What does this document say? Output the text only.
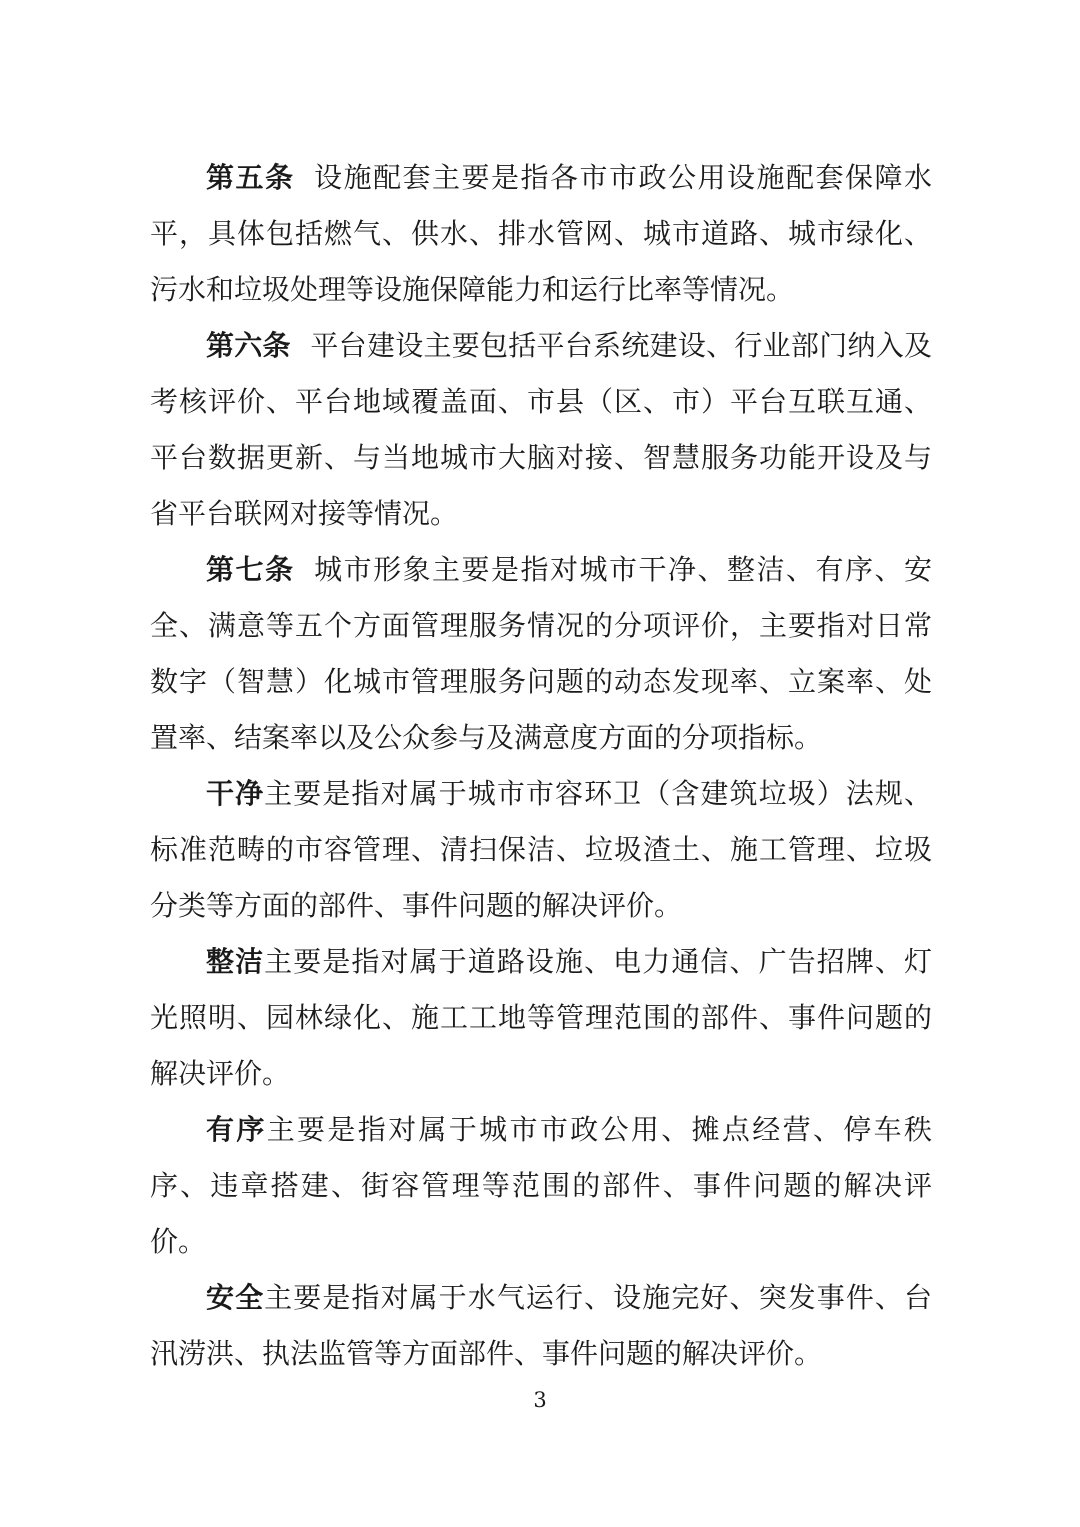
第五条 设施配套主要是指各市市政公用设施配套保障水平，具体包括燃气、供水、排水管网、城市道路、城市绿化、污水和垃圾处理等设施保障能力和运行比率等情况。

第六条 平台建设主要包括平台系统建设、行业部门纳入及考核评价、平台地域覆盖面、市县（区、市）平台互联互通、平台数据更新、与当地城市大脑对接、智慧服务功能开设及与省平台联网对接等情况。

第七条 城市形象主要是指对城市干净、整洁、有序、安全、满意等五个方面管理服务情况的分项评价，主要指对日常数字（智慧）化城市管理服务问题的动态发现率、立案率、处置率、结案率以及公众参与及满意度方面的分项指标。

干净主要是指对属于城市市容环卫（含建筑垃圾）法规、标准范畴的市容管理、清扫保洁、垃圾渣土、施工管理、垃圾分类等方面的部件、事件问题的解决评价。

整洁主要是指对属于道路设施、电力通信、广告招牌、灯光照明、园林绿化、施工工地等管理范围的部件、事件问题的解决评价。

有序主要是指对属于城市市政公用、摊点经营、停车秩序、违章搭建、街容管理等范围的部件、事件问题的解决评价。

安全主要是指对属于水气运行、设施完好、突发事件、台汛涝洪、执法监管等方面部件、事件问题的解决评价。

3
